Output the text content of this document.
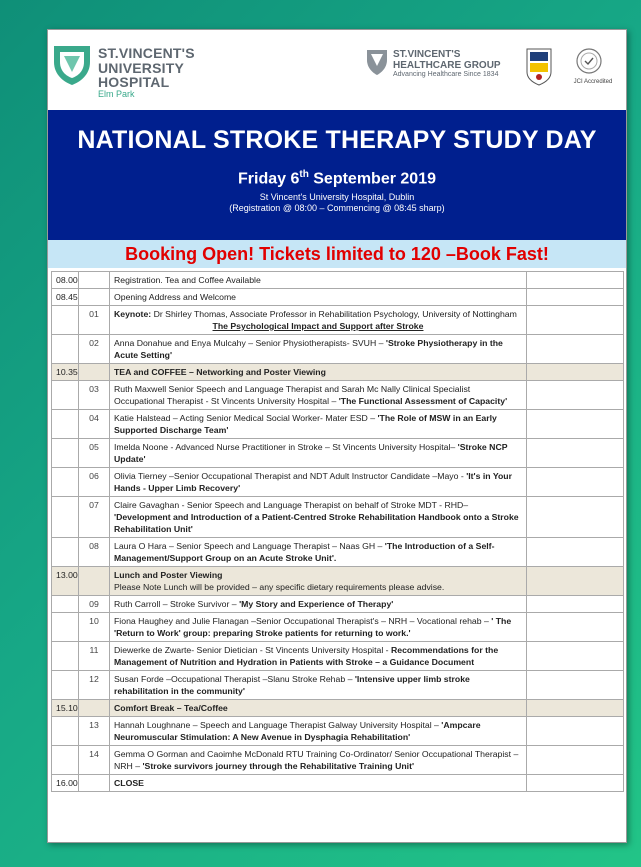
ST.VINCENT'S
UNIVERSITY HOSPITAL
Elm Park
ST.VINCENT'S
HEALTHCARE GROUP
Advancing Healthcare Since 1834
JCI Accredited
NATIONAL STROKE THERAPY STUDY DAY
Friday 6th September 2019
St Vincent's University Hospital, Dublin
(Registration @ 08:00 – Commencing @ 08:45 sharp)
Booking Open! Tickets limited to 120 –Book Fast!
08.00		Registration. Tea and Coffee Available	
08.45		Opening Address and Welcome	
	01	Keynote: Dr Shirley Thomas, Associate Professor in Rehabilitation Psychology, University of Nottingham
The Psychological Impact and Support after Stroke	

	02	Anna Donahue and Enya Mulcahy – Senior Physiotherapists- SVUH – 'Stroke Physiotherapy in the Acute Setting'	
10.35		TEA and COFFEE – Networking and Poster Viewing	
	03	Ruth Maxwell Senior Speech and Language Therapist and Sarah Mc Nally Clinical Specialist Occupational Therapist - St Vincents University Hospital – 'The Functional Assessment of Capacity'	
	04	Katie Halstead – Acting Senior Medical Social Worker- Mater ESD – 'The Role of MSW in an Early Supported Discharge Team'	
	05	Imelda Noone - Advanced Nurse Practitioner in Stroke – St Vincents University Hospital– 'Stroke NCP Update'	
	06	Olivia Tierney –Senior Occupational Therapist and NDT Adult Instructor Candidate –Mayo - 'It's in Your Hands - Upper Limb Recovery'	
	07	Claire Gavaghan - Senior Speech and Language Therapist on behalf of Stroke MDT - RHD– 'Development and Introduction of a Patient-Centred Stroke Rehabilitation Handbook onto a Stroke Rehabilitation Unit'	
	08	Laura O Hara – Senior Speech and Language Therapist – Naas GH – 'The Introduction of a Self-Management/Support Group on an Acute Stroke Unit'.	
13.00		Lunch and Poster Viewing
Please Note Lunch will be provided – any specific dietary requirements please advise.	
	09	Ruth Carroll – Stroke Survivor – 'My Story and Experience of Therapy'	
	10	Fiona Haughey and Julie Flanagan –Senior Occupational Therapist's – NRH – Vocational rehab – ' The 'Return to Work' group: preparing Stroke patients for returning to work.'	
	11	Diewerke de Zwarte- Senior Dietician - St Vincents University Hospital - Recommendations for the Management of Nutrition and Hydration in Patients with Stroke – a Guidance Document	
	12	Susan Forde –Occupational Therapist –Slanu Stroke Rehab – 'Intensive upper limb stroke rehabilitation in the community'	
15.10		Comfort Break – Tea/Coffee	
	13	Hannah Loughnane – Speech and Language Therapist Galway University Hospital – 'Ampcare Neuromuscular Stimulation: A New Avenue in Dysphagia Rehabilitation'	
	14	Gemma O Gorman and Caoimhe McDonald RTU Training Co-Ordinator/ Senior Occupational Therapist – NRH – 'Stroke survivors journey through the Rehabilitative Training Unit'	
16.00		CLOSE	
